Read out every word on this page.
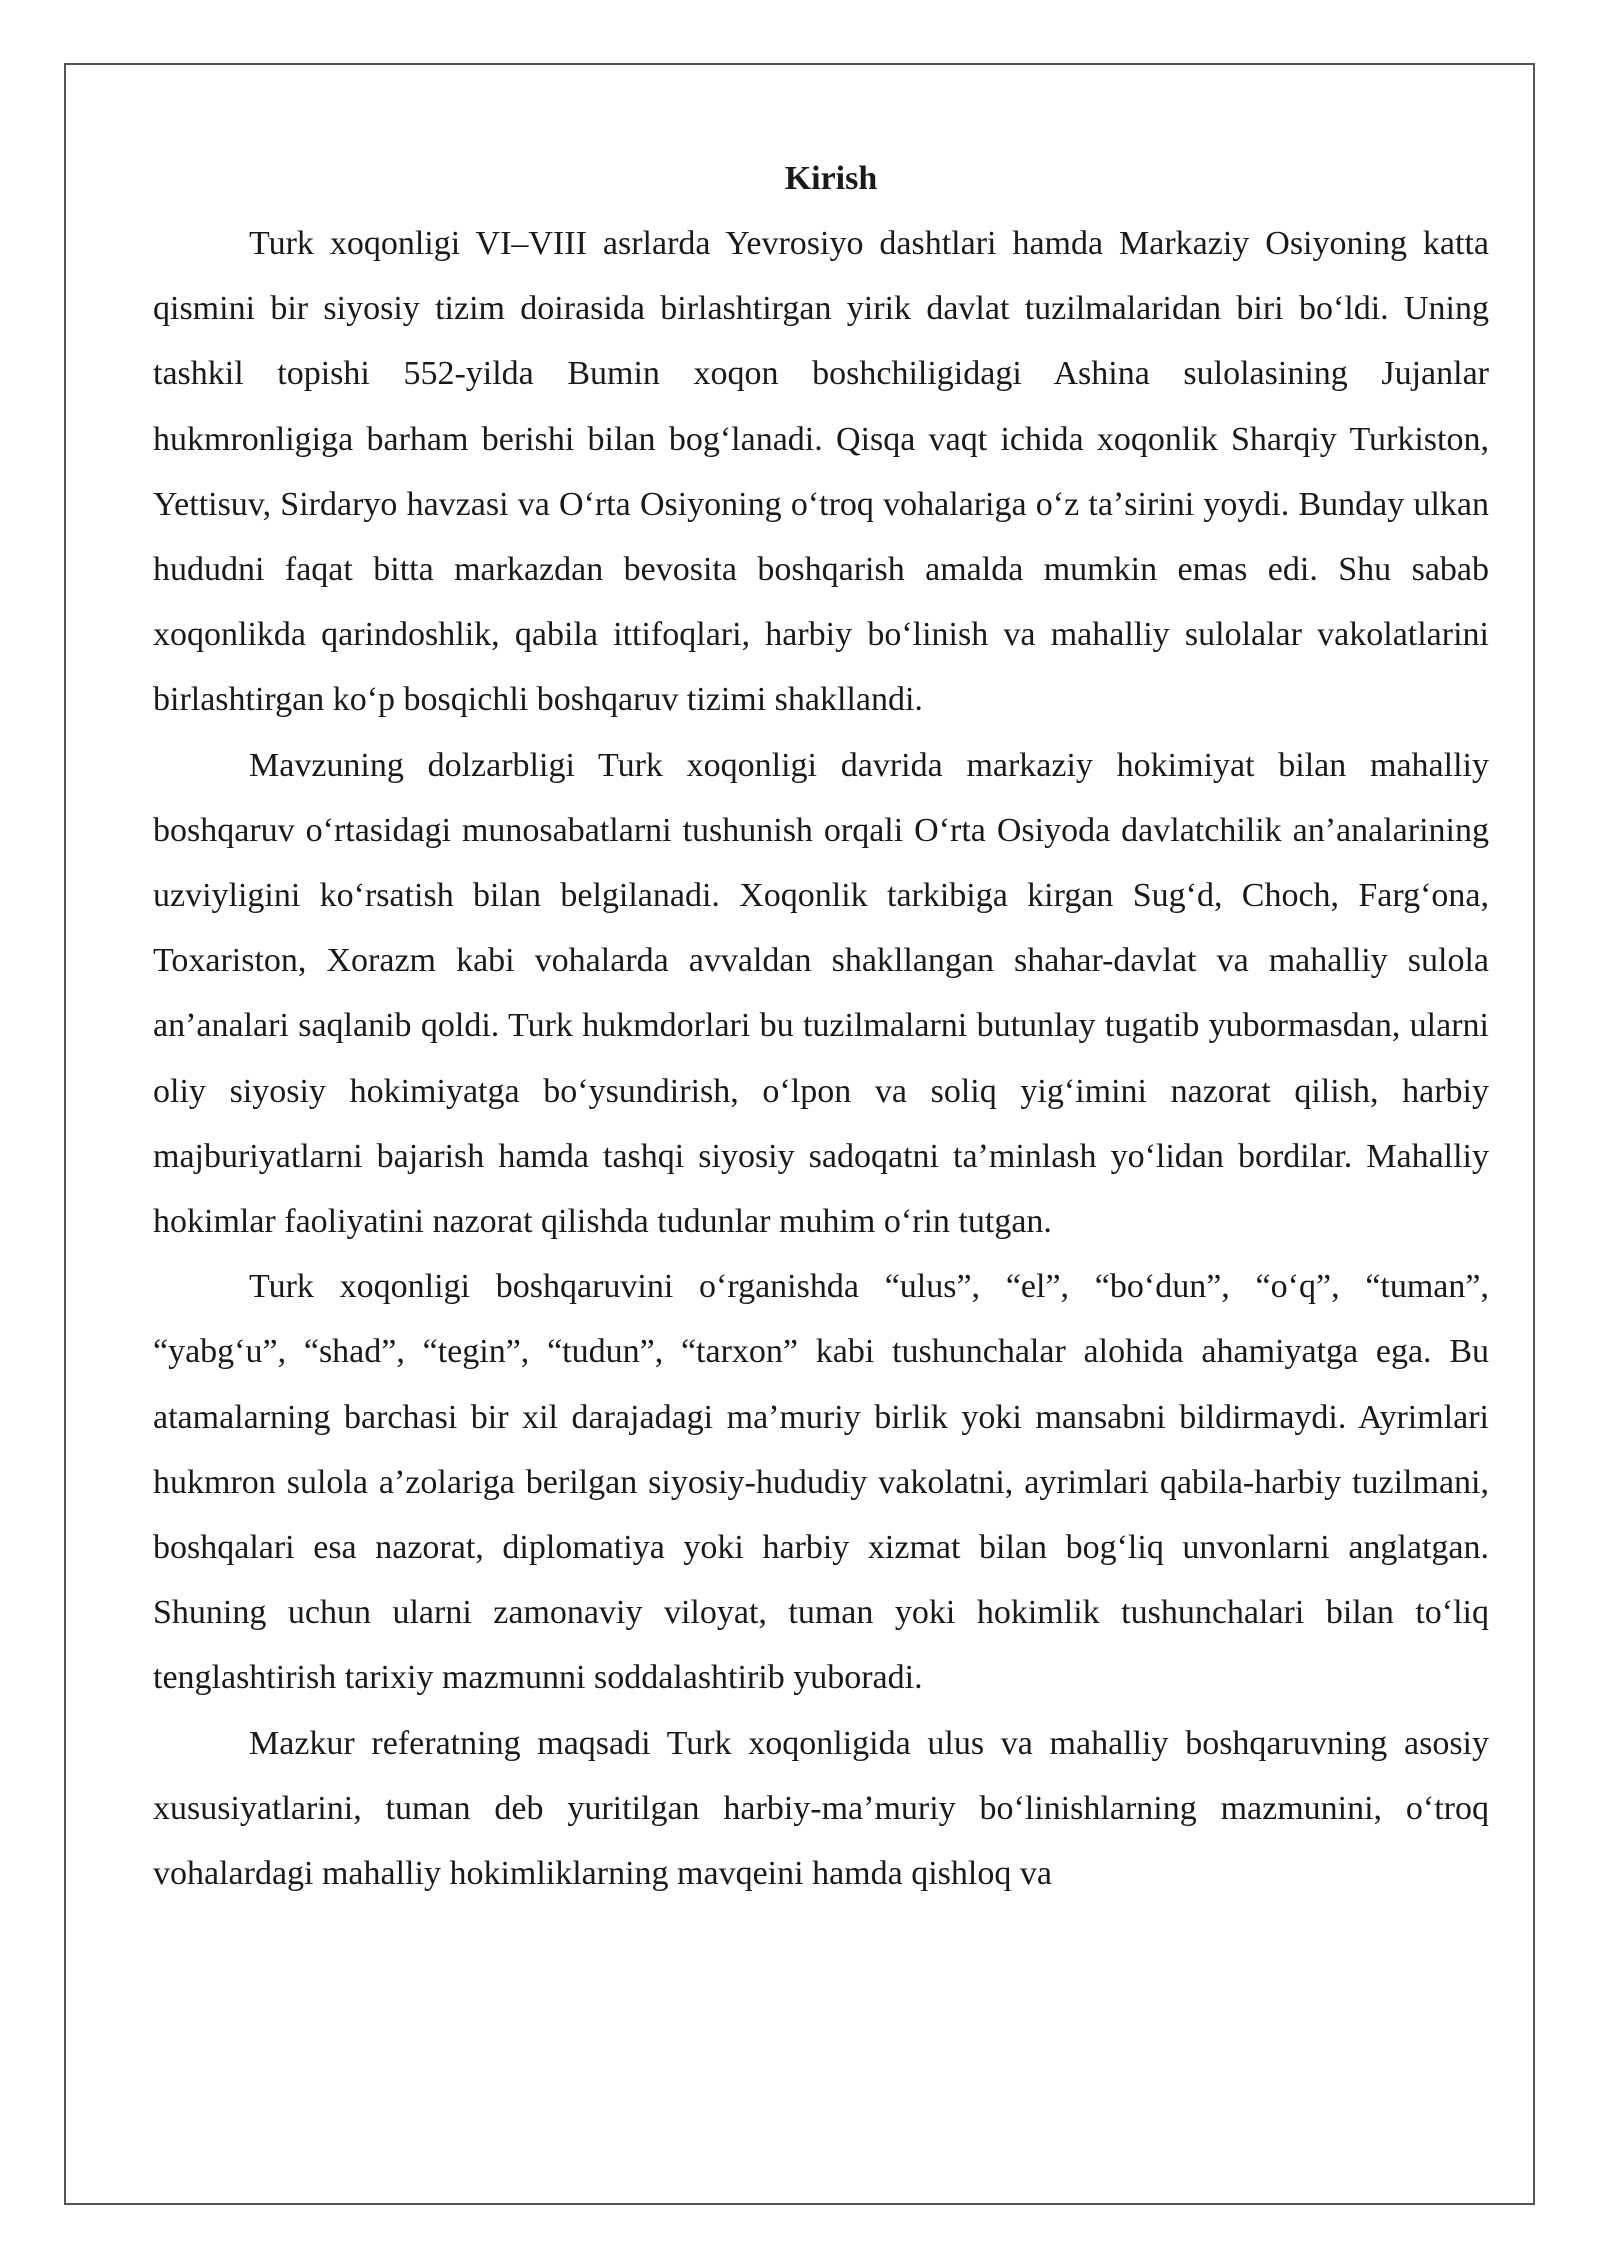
Kirish

Turk xoqonligi VI–VIII asrlarda Yevrosiyo dashtlari hamda Markaziy Osiyoning katta qismini bir siyosiy tizim doirasida birlashtirgan yirik davlat tuzilmalaridan biri boʻldi. Uning tashkil topishi 552-yilda Bumin xoqon boshchiligidagi Ashina sulolasining Jujanlar hukmronligiga barham berishi bilan bogʻlanadi. Qisqa vaqt ichida xoqonlik Sharqiy Turkiston, Yettisuv, Sirdaryo havzasi va Oʻrta Osiyoning oʻtroq vohalariga oʻz taʼsirini yoydi. Bunday ulkan hududni faqat bitta markazdan bevosita boshqarish amalda mumkin emas edi. Shu sabab xoqonlikda qarindoshlik, qabila ittifoqlari, harbiy boʻlinish va mahalliy sulolalar vakolatlarini birlashtirgan koʻp bosqichli boshqaruv tizimi shakllandi.

Mavzuning dolzarbligi Turk xoqonligi davrida markaziy hokimiyat bilan mahalliy boshqaruv oʻrtasidagi munosabatlarni tushunish orqali Oʻrta Osiyoda davlatchilik anʼanalarining uzviyligini koʻrsatish bilan belgilanadi. Xoqonlik tarkibiga kirgan Sugʻd, Choch, Fargʻona, Toxariston, Xorazm kabi vohalarda avvaldan shakllangan shahar-davlat va mahalliy sulola anʼanalari saqlanib qoldi. Turk hukmdorlari bu tuzilmalarni butunlay tugatib yubormasdan, ularni oliy siyosiy hokimiyatga boʻysundirish, oʻlpon va soliq yigʻimini nazorat qilish, harbiy majburiyatlarni bajarish hamda tashqi siyosiy sadoqatni taʼminlash yoʻlidan bordilar. Mahalliy hokimlar faoliyatini nazorat qilishda tudunlar muhim oʻrin tutgan.

Turk xoqonligi boshqaruvini oʻrganishda “ulus”, “el”, “boʻdun”, “oʻq”, “tuman”, “yabgʻu”, “shad”, “tegin”, “tudun”, “tarxon” kabi tushunchalar alohida ahamiyatga ega. Bu atamalarning barchasi bir xil darajadagi maʼmuriy birlik yoki mansabni bildirmaydi. Ayrimlari hukmron sulola aʼzolariga berilgan siyosiy-hududiy vakolatni, ayrimlari qabila-harbiy tuzilmani, boshqalari esa nazorat, diplomatiya yoki harbiy xizmat bilan bogʻliq unvonlarni anglatgan. Shuning uchun ularni zamonaviy viloyat, tuman yoki hokimlik tushunchalari bilan toʻliq tenglashtirish tarixiy mazmunni soddalashtirib yuboradi.

Mazkur referatning maqsadi Turk xoqonligida ulus va mahalliy boshqaruvning asosiy xususiyatlarini, tuman deb yuritilgan harbiy-maʼmuriy boʻlinishlarning mazmunini, oʻtroq vohalardagi mahalliy hokimliklarning mavqeini hamda qishloq va
